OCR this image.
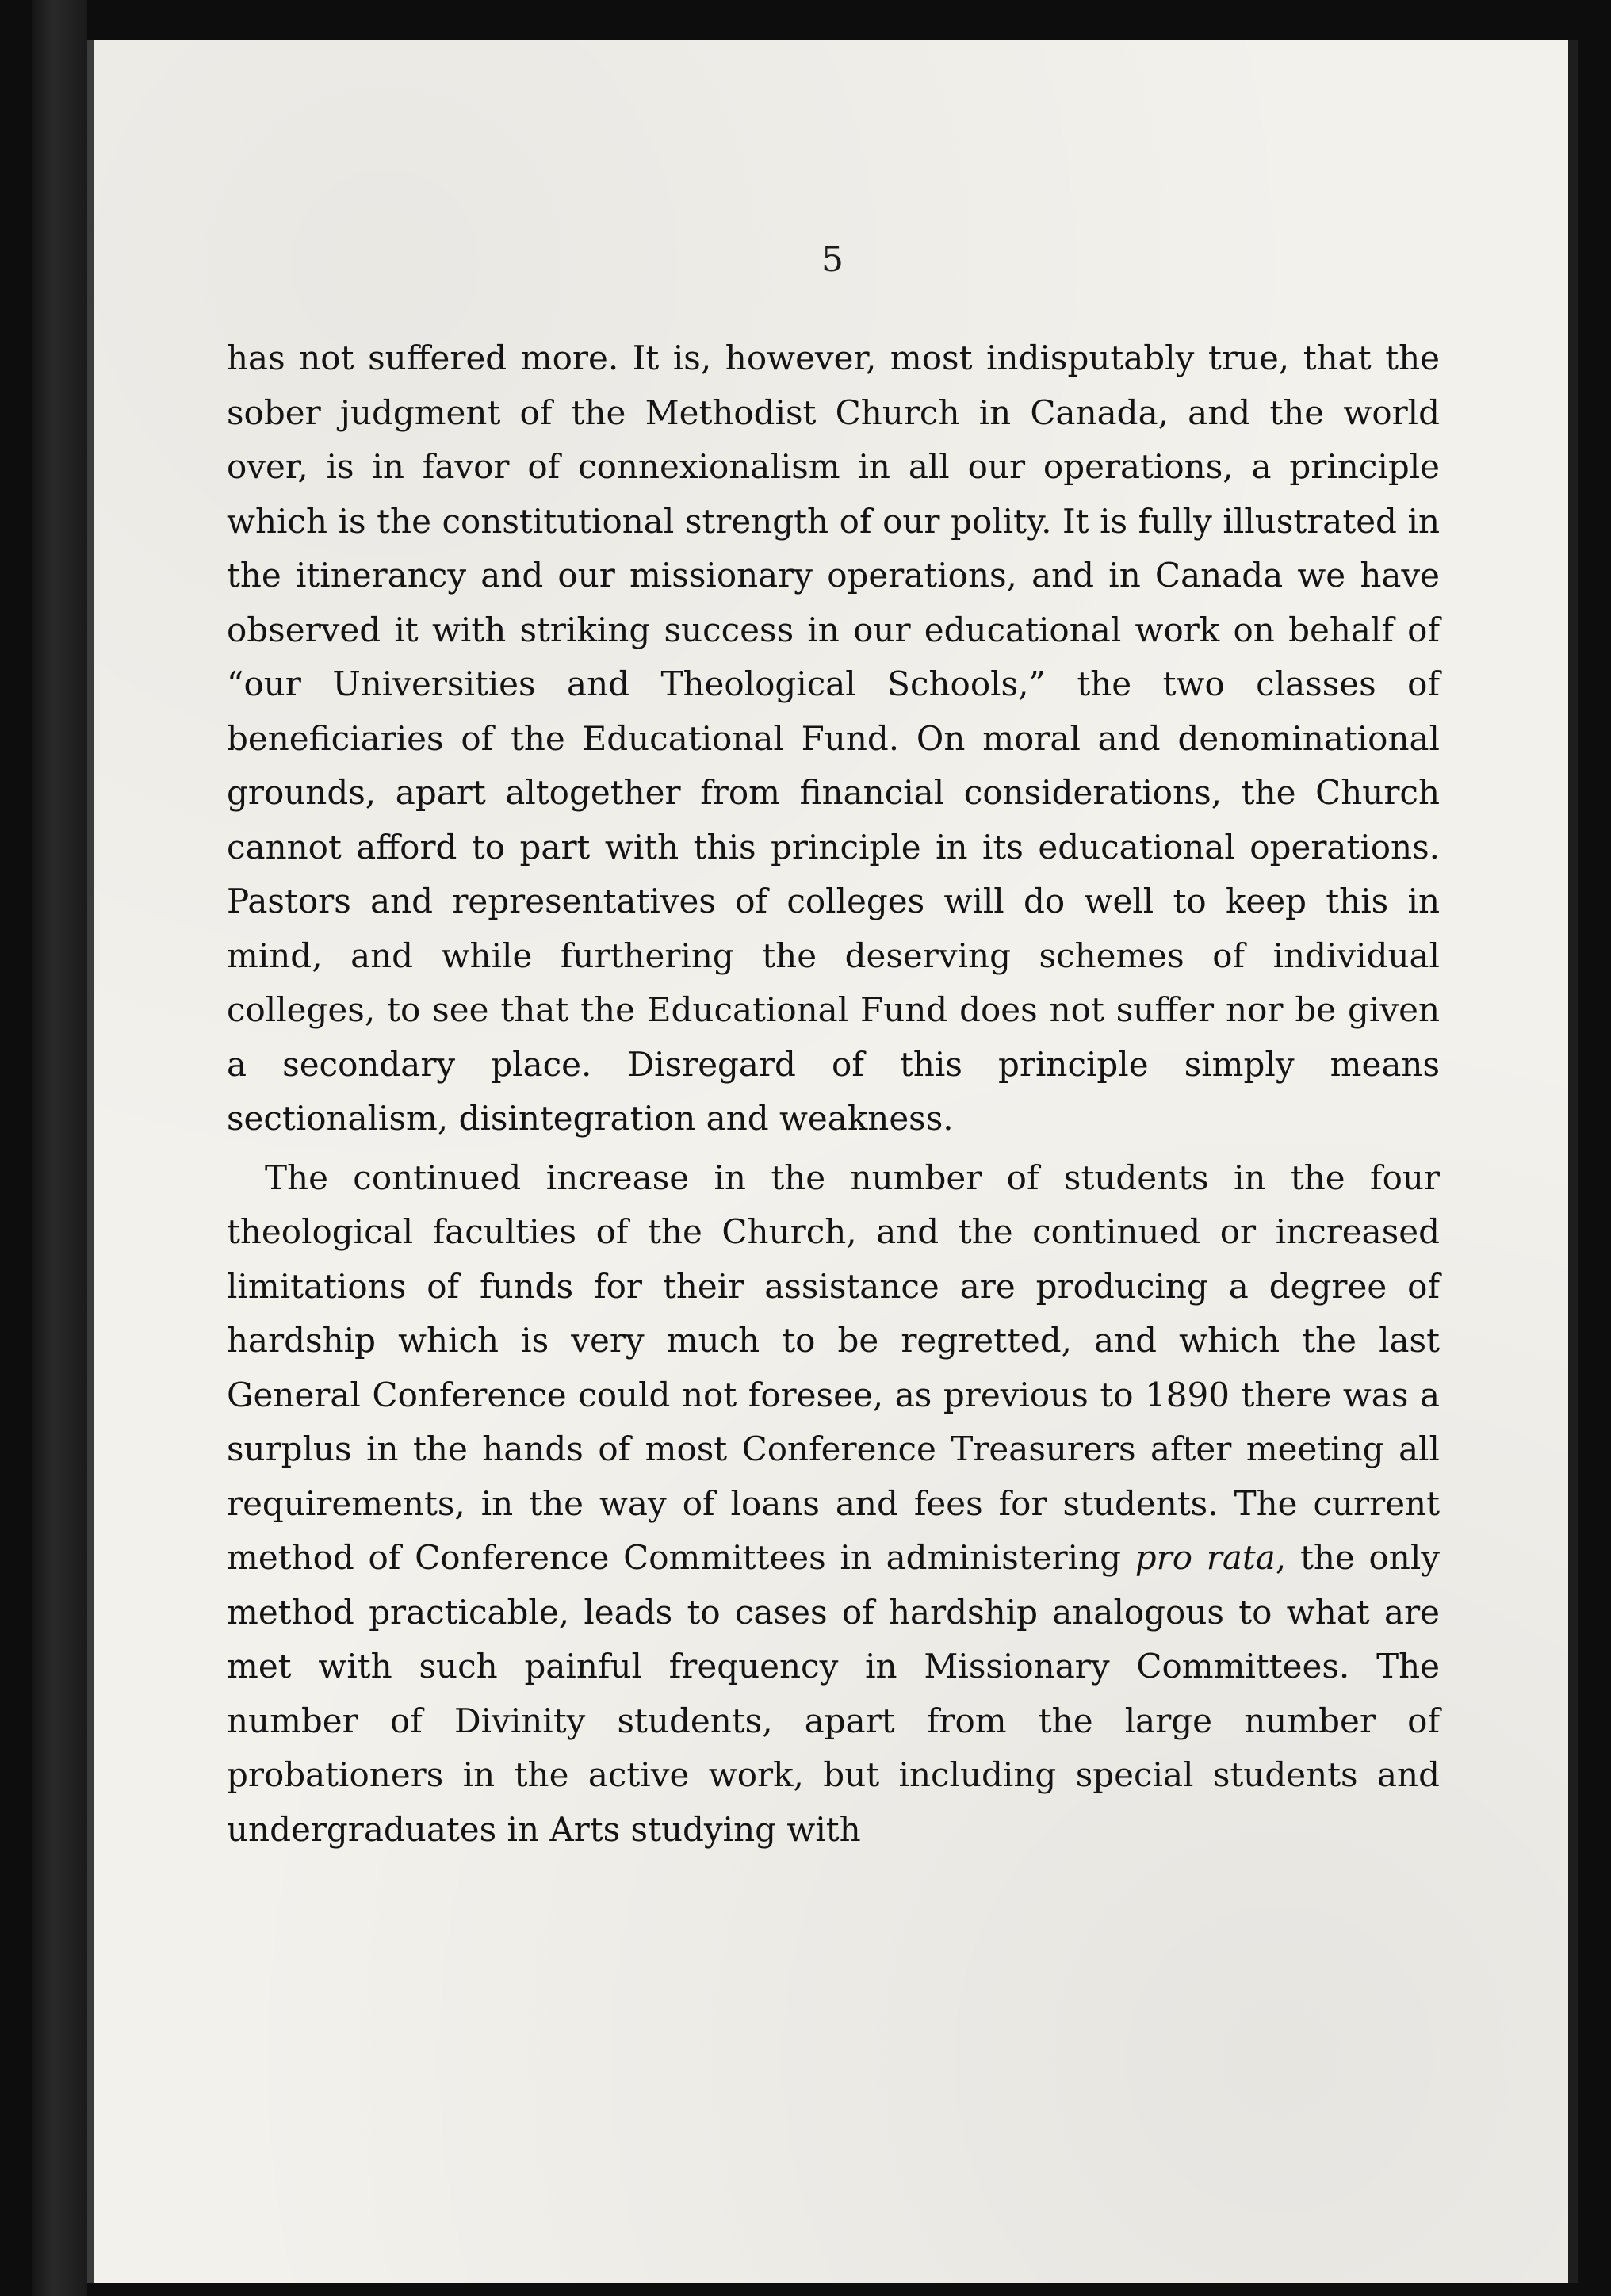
5

has not suffered more. It is, however, most indisputably true, that the sober judgment of the Methodist Church in Canada, and the world over, is in favor of connexionalism in all our operations, a principle which is the constitutional strength of our polity. It is fully illustrated in the itinerancy and our missionary operations, and in Canada we have observed it with striking success in our educational work on behalf of “our Universities and Theological Schools,” the two classes of beneficiaries of the Educational Fund. On moral and denominational grounds, apart altogether from financial considerations, the Church cannot afford to part with this principle in its educational operations. Pastors and representatives of colleges will do well to keep this in mind, and while furthering the deserving schemes of individual colleges, to see that the Educational Fund does not suffer nor be given a secondary place. Disregard of this principle simply means sectionalism, disintegration and weakness.

The continued increase in the number of students in the four theological faculties of the Church, and the continued or increased limitations of funds for their assistance are producing a degree of hardship which is very much to be regretted, and which the last General Conference could not foresee, as previous to 1890 there was a surplus in the hands of most Conference Treasurers after meeting all requirements, in the way of loans and fees for students. The current method of Conference Committees in administering pro rata, the only method practicable, leads to cases of hardship analogous to what are met with such painful frequency in Missionary Committees. The number of Divinity students, apart from the large number of probationers in the active work, but including special students and undergraduates in Arts studying with
